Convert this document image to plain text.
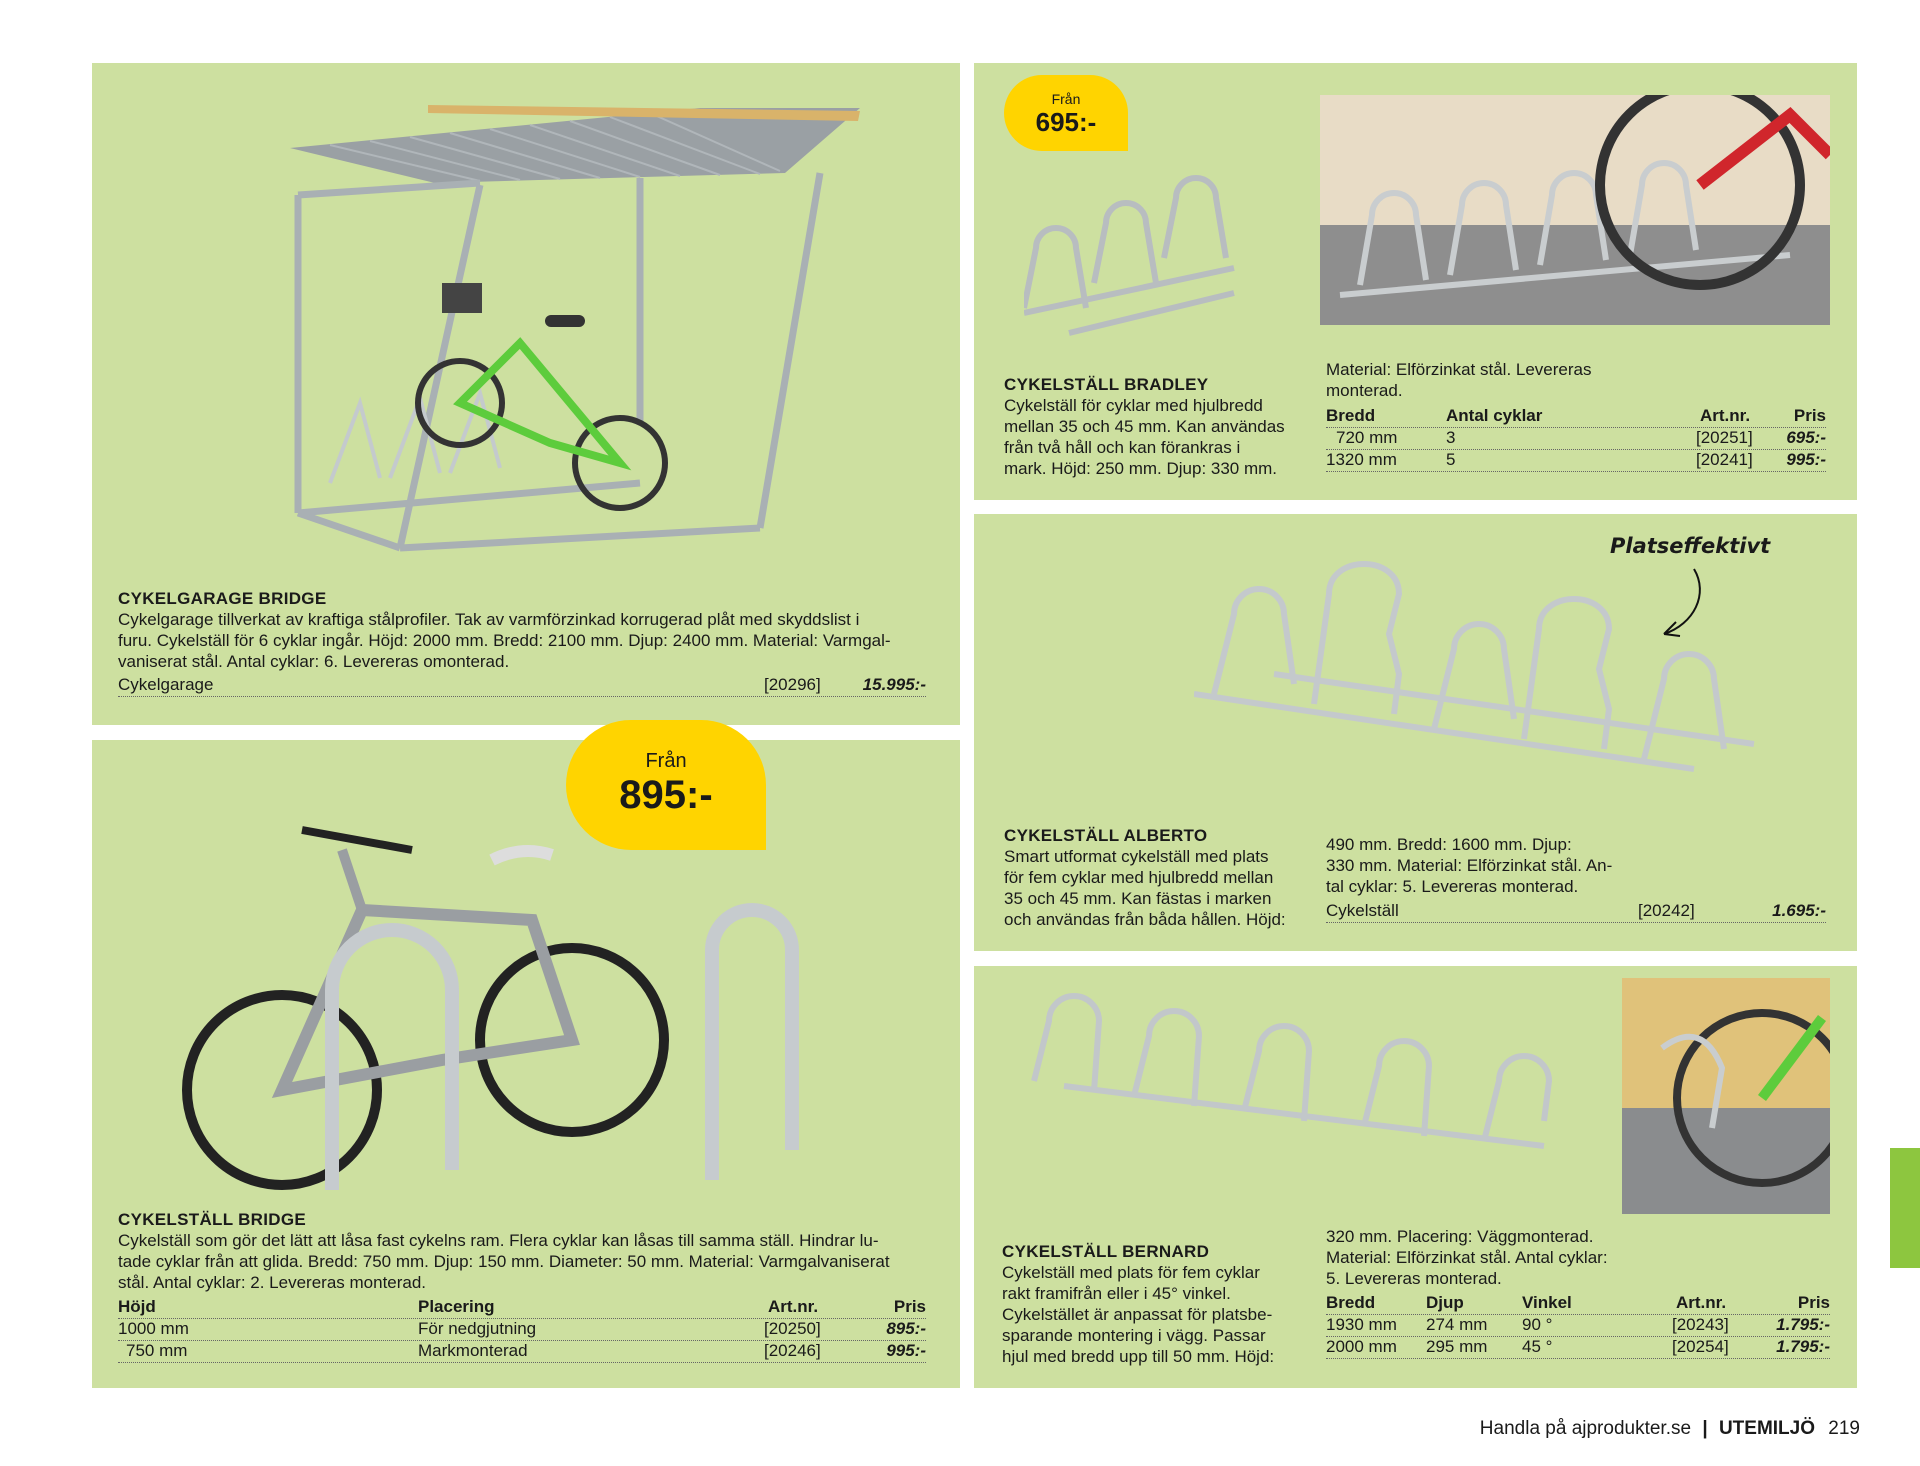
CYKELGARAGE BRIDGE
Cykelgarage tillverkat av kraftiga stålprofiler. Tak av varmförzinkad korrugerad plåt med skyddslist i
furu. Cykelställ för 6 cyklar ingår. Höjd: 2000 mm. Bredd: 2100 mm. Djup: 2400 mm. Material: Varmgal-
vaniserat stål. Antal cyklar: 6. Levereras omonterad.
Cykelgarage	[20296] 15.995:-
Från
695:-
CYKELSTÄLL BRADLEY
Cykelställ för cyklar med hjulbredd
mellan 35 och 45 mm. Kan användas
från två håll och kan förankras i
mark. Höjd: 250 mm. Djup: 330 mm.
Material: Elförzinkat stål. Levereras
monterad.
Bredd	Antal cyklar	Art.nr.	Pris
720 mm	3	[20251] 695:-
1320 mm	5	[20241] 995:-
Platseffektivt
CYKELSTÄLL ALBERTO
Smart utformat cykelställ med plats
för fem cyklar med hjulbredd mellan
35 och 45 mm. Kan fästas i marken
och användas från båda hållen. Höjd:
490 mm. Bredd: 1600 mm. Djup:
330 mm. Material: Elförzinkat stål. An-
tal cyklar: 5. Levereras monterad.
Cykelställ	[20242]	1.695:-
Från
895:-
CYKELSTÄLL BRIDGE
Cykelställ som gör det lätt att låsa fast cykelns ram. Flera cyklar kan låsas till samma ställ. Hindrar lu-
tade cyklar från att glida. Bredd: 750 mm. Djup: 150 mm. Diameter: 50 mm. Material: Varmgalvaniserat
stål. Antal cyklar: 2. Levereras monterad.
Höjd	Placering	Art.nr.	Pris
1000 mm	För nedgjutning	[20250]	895:-
750 mm	Markmonterad	[20246]	995:-
CYKELSTÄLL BERNARD
Cykelställ med plats för fem cyklar
rakt framifrån eller i 45° vinkel.
Cykelstället är anpassat för platsbe-
sparande montering i vägg. Passar
hjul med bredd upp till 50 mm. Höjd:
320 mm. Placering: Väggmonterad.
Material: Elförzinkat stål. Antal cyklar:
5. Levereras monterad.
Bredd	Djup	Vinkel	Art.nr.	Pris
1930 mm 274 mm 90 °	[20243]	1.795:-
2000 mm 295 mm 45 °	[20254]	1.795:-
Handla på ajprodukter.se | UTEMILJÖ 219
